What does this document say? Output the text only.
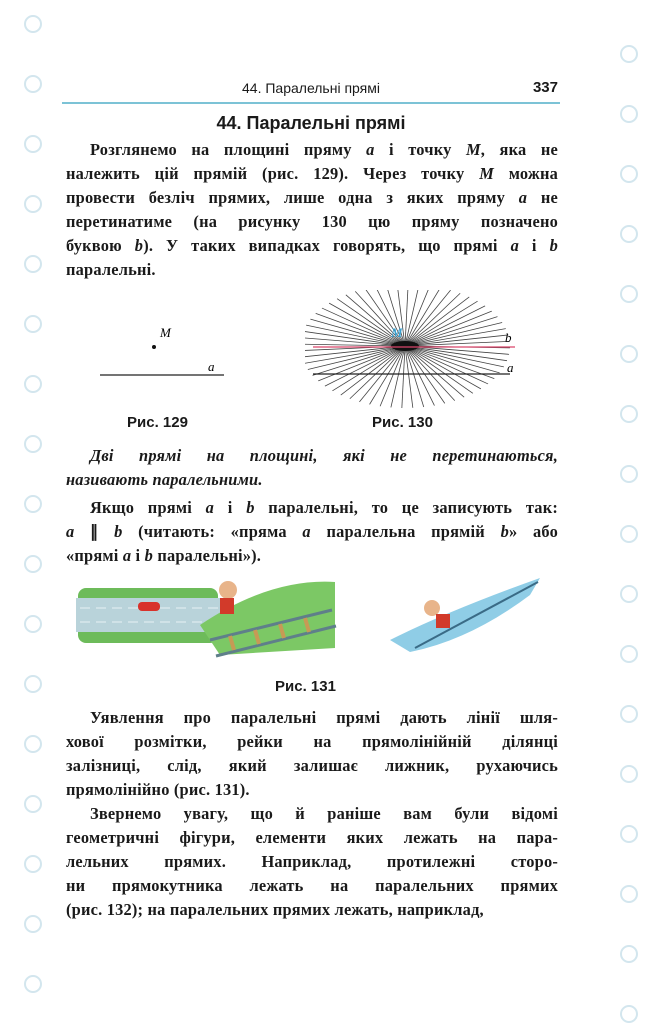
44. Паралельні прямі	337
44. Паралельні прямі
Розглянемо на площині пряму a і точку M, яка не
належить цій прямій (рис. 129). Через точку M можна
провести безліч прямих, лише одна з яких пряму a не
перетинатиме (на рисунку 130 цю пряму позначено
буквою b). У таких випадках говорять, що прямі a і b
паралельні.
M
a
Рис. 129
M	b
a
Рис. 130
Дві прямі на площині, які не перетинаються,
називають паралельними.
Якщо прямі a і b паралельні, то це записують так:
a ∥ b (читають: «пряма a паралельна прямій b» або
«прямі a і b паралельні»).
Рис. 131
Уявлення про паралельні прямі дають лінії шля-
хової розмітки, рейки на прямолінійній ділянці
залізниці, слід, який залишає лижник, рухаючись
прямолінійно (рис. 131).
Звернемо увагу, що й раніше вам були відомі
геометричні фігури, елементи яких лежать на пара-
лельних прямих. Наприклад, протилежні сторо-
ни прямокутника лежать на паралельних прямих
(рис. 132); на паралельних прямих лежать, наприклад,
